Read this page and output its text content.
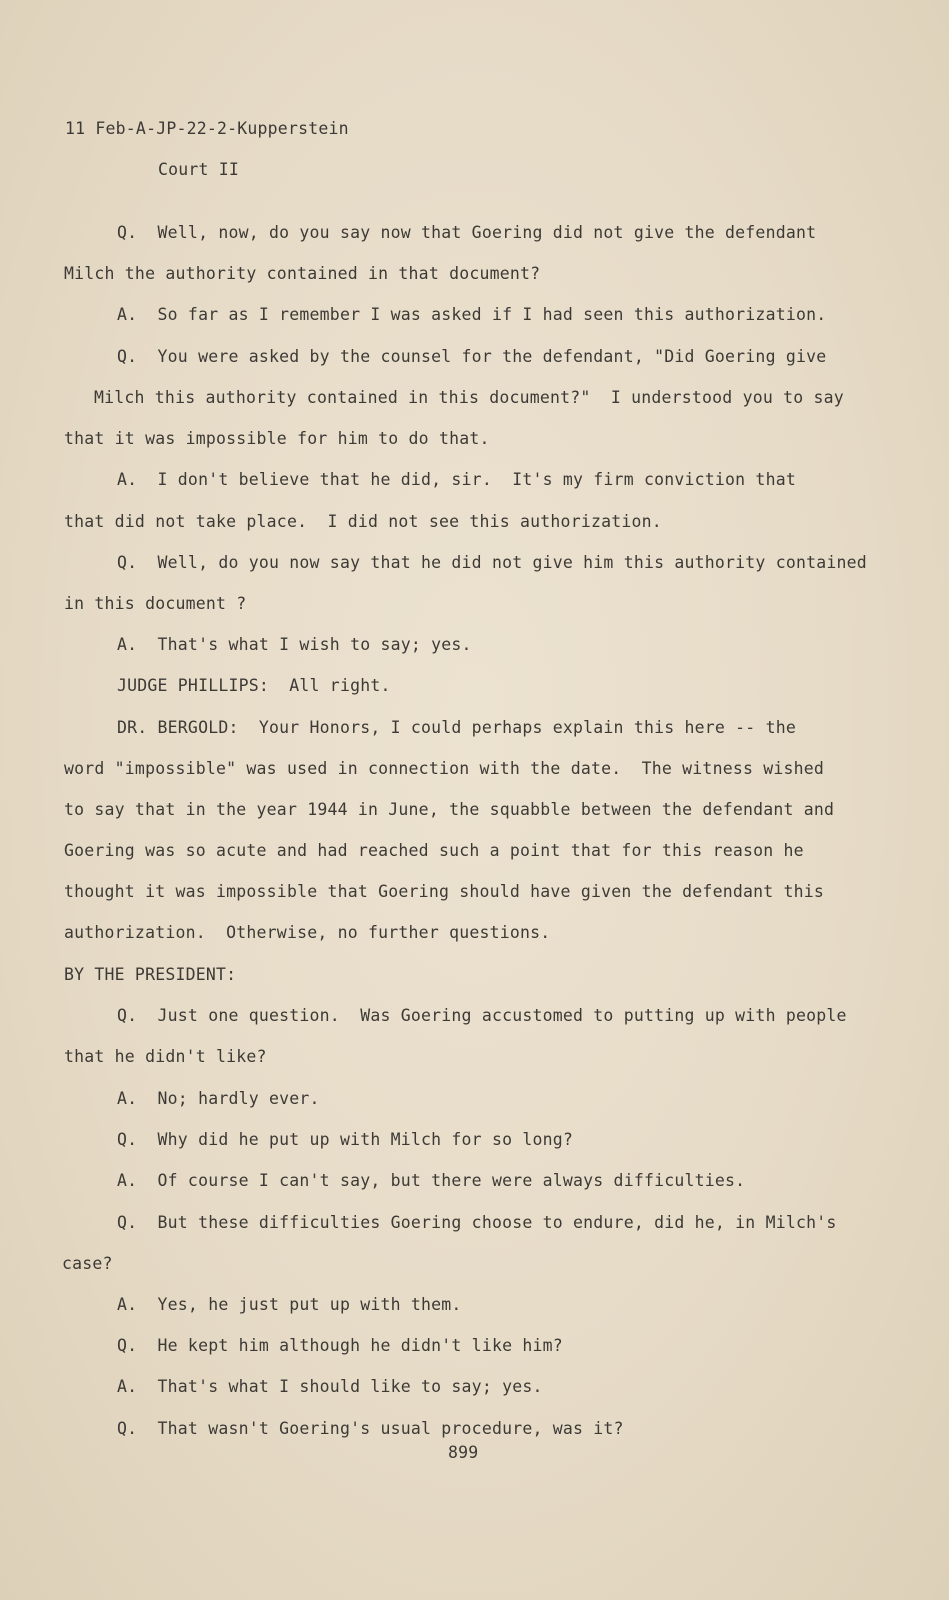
11 Feb-A-JP-22-2-Kupperstein
Court II
Q.  Well, now, do you say now that Goering did not give the defendant
Milch the authority contained in that document?
A.  So far as I remember I was asked if I had seen this authorization.
Q.  You were asked by the counsel for the defendant, "Did Goering give
Milch this authority contained in this document?"  I understood you to say
that it was impossible for him to do that.
A.  I don't believe that he did, sir.  It's my firm conviction that
that did not take place.  I did not see this authorization.
Q.  Well, do you now say that he did not give him this authority contained
in this document ?
A.  That's what I wish to say; yes.
JUDGE PHILLIPS:  All right.
DR. BERGOLD:  Your Honors, I could perhaps explain this here -- the
word "impossible" was used in connection with the date.  The witness wished
to say that in the year 1944 in June, the squabble between the defendant and
Goering was so acute and had reached such a point that for this reason he
thought it was impossible that Goering should have given the defendant this
authorization.  Otherwise, no further questions.
BY THE PRESIDENT:
Q.  Just one question.  Was Goering accustomed to putting up with people
that he didn't like?
A.  No; hardly ever.
Q.  Why did he put up with Milch for so long?
A.  Of course I can't say, but there were always difficulties.
Q.  But these difficulties Goering choose to endure, did he, in Milch's
case?
A.  Yes, he just put up with them.
Q.  He kept him although he didn't like him?
A.  That's what I should like to say; yes.
Q.  That wasn't Goering's usual procedure, was it?
899
